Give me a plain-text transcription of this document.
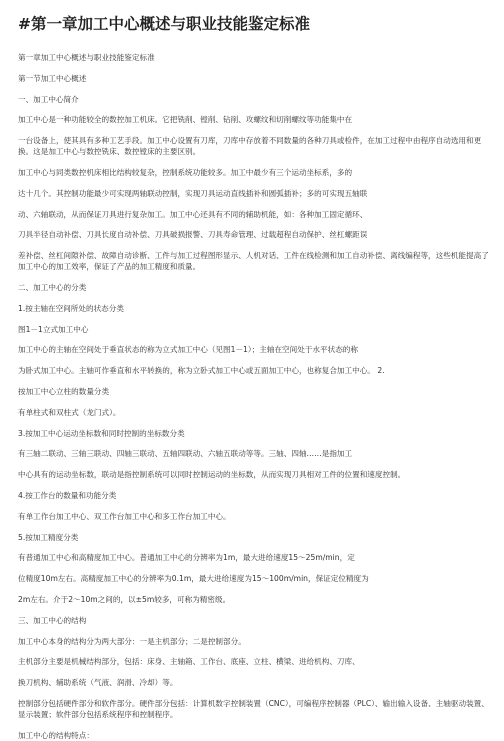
#第一章加工中心概述与职业技能鉴定标准
第一章加工中心概述与职业技能鉴定标准
第一节加工中心概述
一、加工中心简介
加工中心是一种功能较全的数控加工机床。它把铣削、镗削、钻削、攻螺纹和切削螺纹等功能集中在
一台设备上，使其具有多种工艺手段。加工中心设置有刀库，刀库中存放着不同数量的各种刀具或检件，在加工过程中由程序自动选用和更换。这是加工中心与数控铣床、数控镗床的主要区别。
加工中心与同类数控机床相比结构较复杂，控制系统功能较多。加工中最少有三个运动坐标系，多的
达十几个。其控制功能最少可实现两轴联动控制，实现刀具运动直线插补和圆弧插补；多的可实现五轴联
动、六轴联动，从而保证刀具进行复杂加工。加工中心还具有不同的辅助机能，如：各种加工固定循环、
刀具半径自动补偿、刀具长度自动补偿、刀具破损报警、刀具寿命管理、过载超程自动保护、丝杠螺距误
差补偿、丝杠间隙补偿、故障自动诊断、工件与加工过程图形显示、人机对话、工件在线检测和加工自动补偿、离线编程等，这些机能提高了加工中心的加工效率，保证了产品的加工精度和质量。
二、加工中心的分类
1.按主轴在空间所处的状态分类
图1－1立式加工中心
加工中心的主轴在空间处于垂直状态的称为立式加工中心（见图1－1）；主轴在空间处于水平状态的称
为卧式加工中心。主轴可作垂直和水平转换的，称为立卧式加工中心或五面加工中心，也称复合加工中心。 2.
按加工中心立柱的数量分类
有单柱式和双柱式（龙门式）。
3.按加工中心运动坐标数和同时控制的坐标数分类
有三轴二联动、三轴三联动、四轴三联动、五轴四联动、六轴五联动等等。三轴、四轴……是指加工
中心具有的运动坐标数，联动是指控制系统可以同时控制运动的坐标数，从而实现刀具相对工件的位置和速度控制。
4.按工作台的数量和功能分类
有单工作台加工中心、双工作台加工中心和多工作台加工中心。
5.按加工精度分类
有普通加工中心和高精度加工中心。普通加工中心的分辨率为1m，最大进给速度15～25m/min，定
位精度10m左右。高精度加工中心的分辨率为0.1m，最大进给速度为15～100m/min，保证定位精度为
2m左右。介于2～10m之间的，以±5m较多，可称为精密级。
三、加工中心的结构
加工中心本身的结构分为两大部分：一是主机部分；二是控制部分。
主机部分主要是机械结构部分，包括：床身、主轴箱、工作台、底座、立柱、横梁、进给机构、刀库、
换刀机构、辅助系统（气液、润滑、冷却）等。
控制部分包括硬件部分和软件部分。硬件部分包括：计算机数字控制装置（CNC），可编程序控制器（PLC）、输出输入设备、主轴驱动装置、显示装置；软件部分包括系统程序和控制程序。
加工中心的结构特点：
